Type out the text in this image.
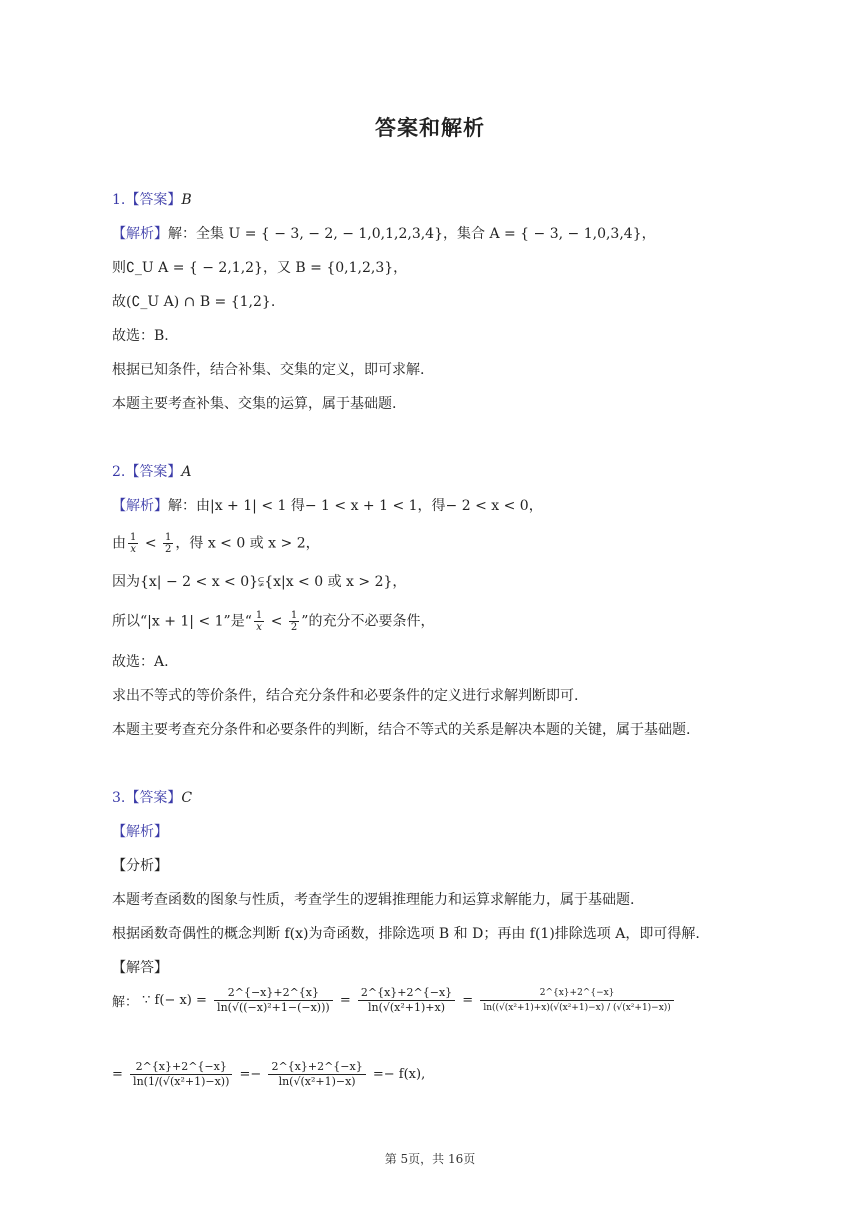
答案和解析
1.【答案】B
【解析】解：全集 U = { − 3, − 2, − 1,0,1,2,3,4}，集合 A = { − 3, − 1,0,3,4}，
则∁_U A = { − 2,1,2}，又 B = {0,1,2,3}，
故(∁_U A) ∩ B = {1,2}.
故选：B.
根据已知条件，结合补集、交集的定义，即可求解.
本题主要考查补集、交集的运算，属于基础题.
2.【答案】A
【解析】解：由|x + 1| < 1 得− 1 < x + 1 < 1，得− 2 < x < 0，
由 $\frac{1}{x} < \frac{1}{2}$ ，得 x < 0 或 x > 2，
因为{x| − 2 < x < 0}⫋{x|x < 0 或 x > 2}，
所以“|x + 1| < 1”是“ $\frac{1}{x} < \frac{1}{2}$ ”的充分不必要条件，
故选：A.
求出不等式的等价条件，结合充分条件和必要条件的定义进行求解判断即可.
本题主要考查充分条件和必要条件的判断，结合不等式的关系是解决本题的关键，属于基础题.
3.【答案】C
【解析】
【分析】
本题考查函数的图象与性质，考查学生的逻辑推理能力和运算求解能力，属于基础题.
根据函数奇偶性的概念判断 f(x)为奇函数，排除选项 B 和 D；再由 f(1)排除选项 A，即可得解.
【解答】
解： ∵ $f(- x) = \frac{2\^{}\{-x\}+2\^{}\{x\}}{\text{ln(√((−x)²+1−(−x)))}} = \frac{2\^{}\{x\}+2\^{}\{-x\}}{\text{ln(√(x²+1)+x)}} = \frac{2\^{}\{x\}+2\^{}\{-x\}}{\text{ln((√(x²+1)+x)(√(x²+1)−x) / (√(x²+1)−x))}}$
= $\frac{2\^{}\{x\}+2\^{}\{-x\}}{\text{ln(1/(√(x²+1)−x))}} =- \frac{2\^{}\{x\}+2\^{}\{-x\}}{\text{ln(√(x²+1)−x)}} =- f(x)$,
第 5页，共 16页
